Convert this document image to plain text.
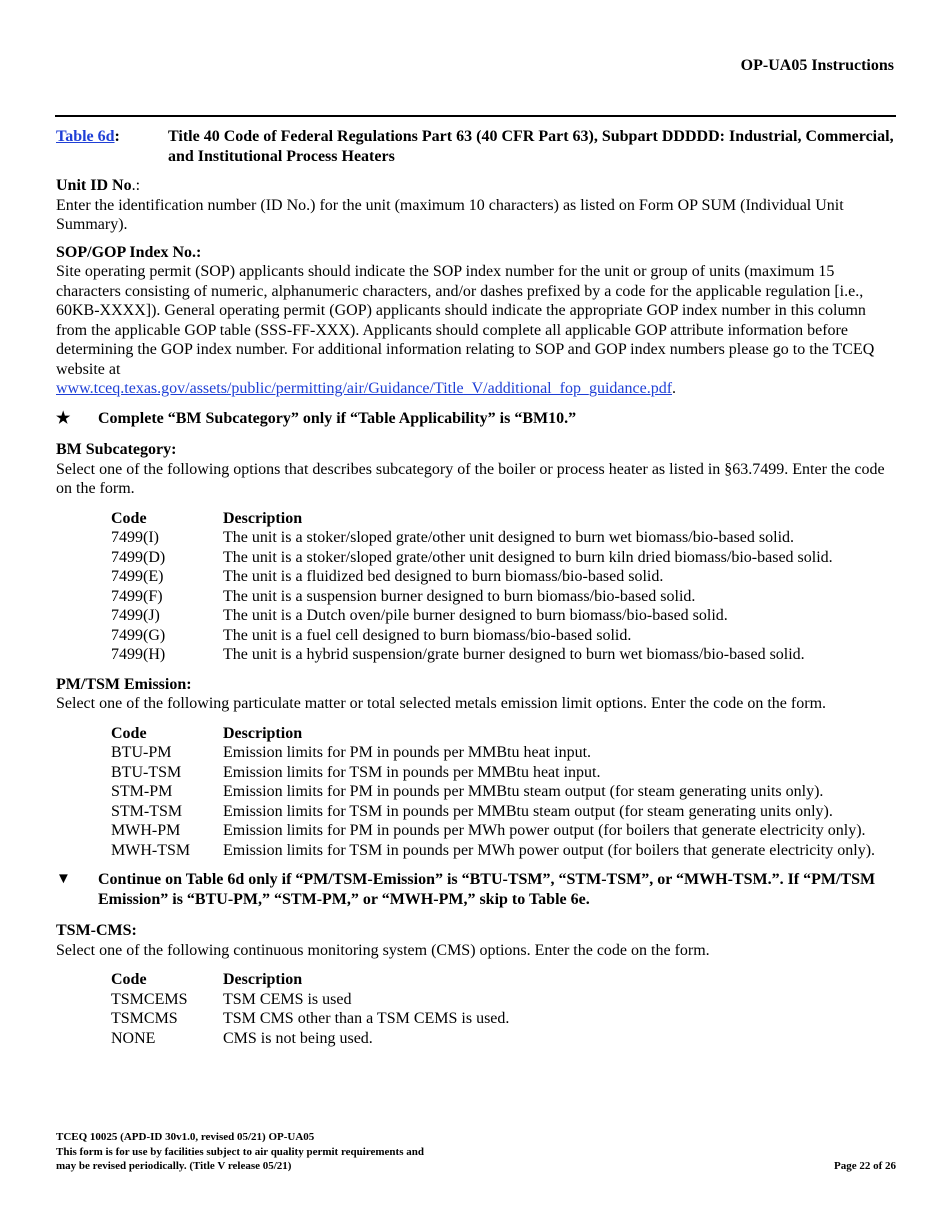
OP-UA05 Instructions
Table 6d:	Title 40 Code of Federal Regulations Part 63 (40 CFR Part 63), Subpart DDDDD: Industrial, Commercial, and Institutional Process Heaters
Unit ID No.:
Enter the identification number (ID No.) for the unit (maximum 10 characters) as listed on Form OP SUM (Individual Unit Summary).
SOP/GOP Index No.:
Site operating permit (SOP) applicants should indicate the SOP index number for the unit or group of units (maximum 15 characters consisting of numeric, alphanumeric characters, and/or dashes prefixed by a code for the applicable regulation [i.e., 60KB-XXXX]). General operating permit (GOP) applicants should indicate the appropriate GOP index number in this column from the applicable GOP table (SSS-FF-XXX). Applicants should complete all applicable GOP attribute information before determining the GOP index number. For additional information relating to SOP and GOP index numbers please go to the TCEQ website at
www.tceq.texas.gov/assets/public/permitting/air/Guidance/Title_V/additional_fop_guidance.pdf.
★	Complete “BM Subcategory” only if “Table Applicability” is “BM10.”
BM Subcategory:
Select one of the following options that describes subcategory of the boiler or process heater as listed in §63.7499. Enter the code on the form.
Code	Description
7499(I)	The unit is a stoker/sloped grate/other unit designed to burn wet biomass/bio-based solid.
7499(D)	The unit is a stoker/sloped grate/other unit designed to burn kiln dried biomass/bio-based solid.
7499(E)	The unit is a fluidized bed designed to burn biomass/bio-based solid.
7499(F)	The unit is a suspension burner designed to burn biomass/bio-based solid.
7499(J)	The unit is a Dutch oven/pile burner designed to burn biomass/bio-based solid.
7499(G)	The unit is a fuel cell designed to burn biomass/bio-based solid.
7499(H)	The unit is a hybrid suspension/grate burner designed to burn wet biomass/bio-based solid.
PM/TSM Emission:
Select one of the following particulate matter or total selected metals emission limit options. Enter the code on the form.
Code	Description
BTU-PM	Emission limits for PM in pounds per MMBtu heat input.
BTU-TSM	Emission limits for TSM in pounds per MMBtu heat input.
STM-PM	Emission limits for PM in pounds per MMBtu steam output (for steam generating units only).
STM-TSM	Emission limits for TSM in pounds per MMBtu steam output (for steam generating units only).
MWH-PM	Emission limits for PM in pounds per MWh power output (for boilers that generate electricity only).
MWH-TSM	Emission limits for TSM in pounds per MWh power output (for boilers that generate electricity only).
▼	Continue on Table 6d only if “PM/TSM-Emission” is “BTU-TSM”, “STM-TSM”, or “MWH-TSM.”. If “PM/TSM Emission” is “BTU-PM,” “STM-PM,” or “MWH-PM,” skip to Table 6e.
TSM-CMS:
Select one of the following continuous monitoring system (CMS) options. Enter the code on the form.
Code	Description
TSMCEMS	TSM CEMS is used
TSMCMS	TSM CMS other than a TSM CEMS is used.
NONE	CMS is not being used.
TCEQ 10025 (APD-ID 30v1.0, revised 05/21) OP-UA05
This form is for use by facilities subject to air quality permit requirements and
may be revised periodically. (Title V release 05/21)	Page 22 of 26
